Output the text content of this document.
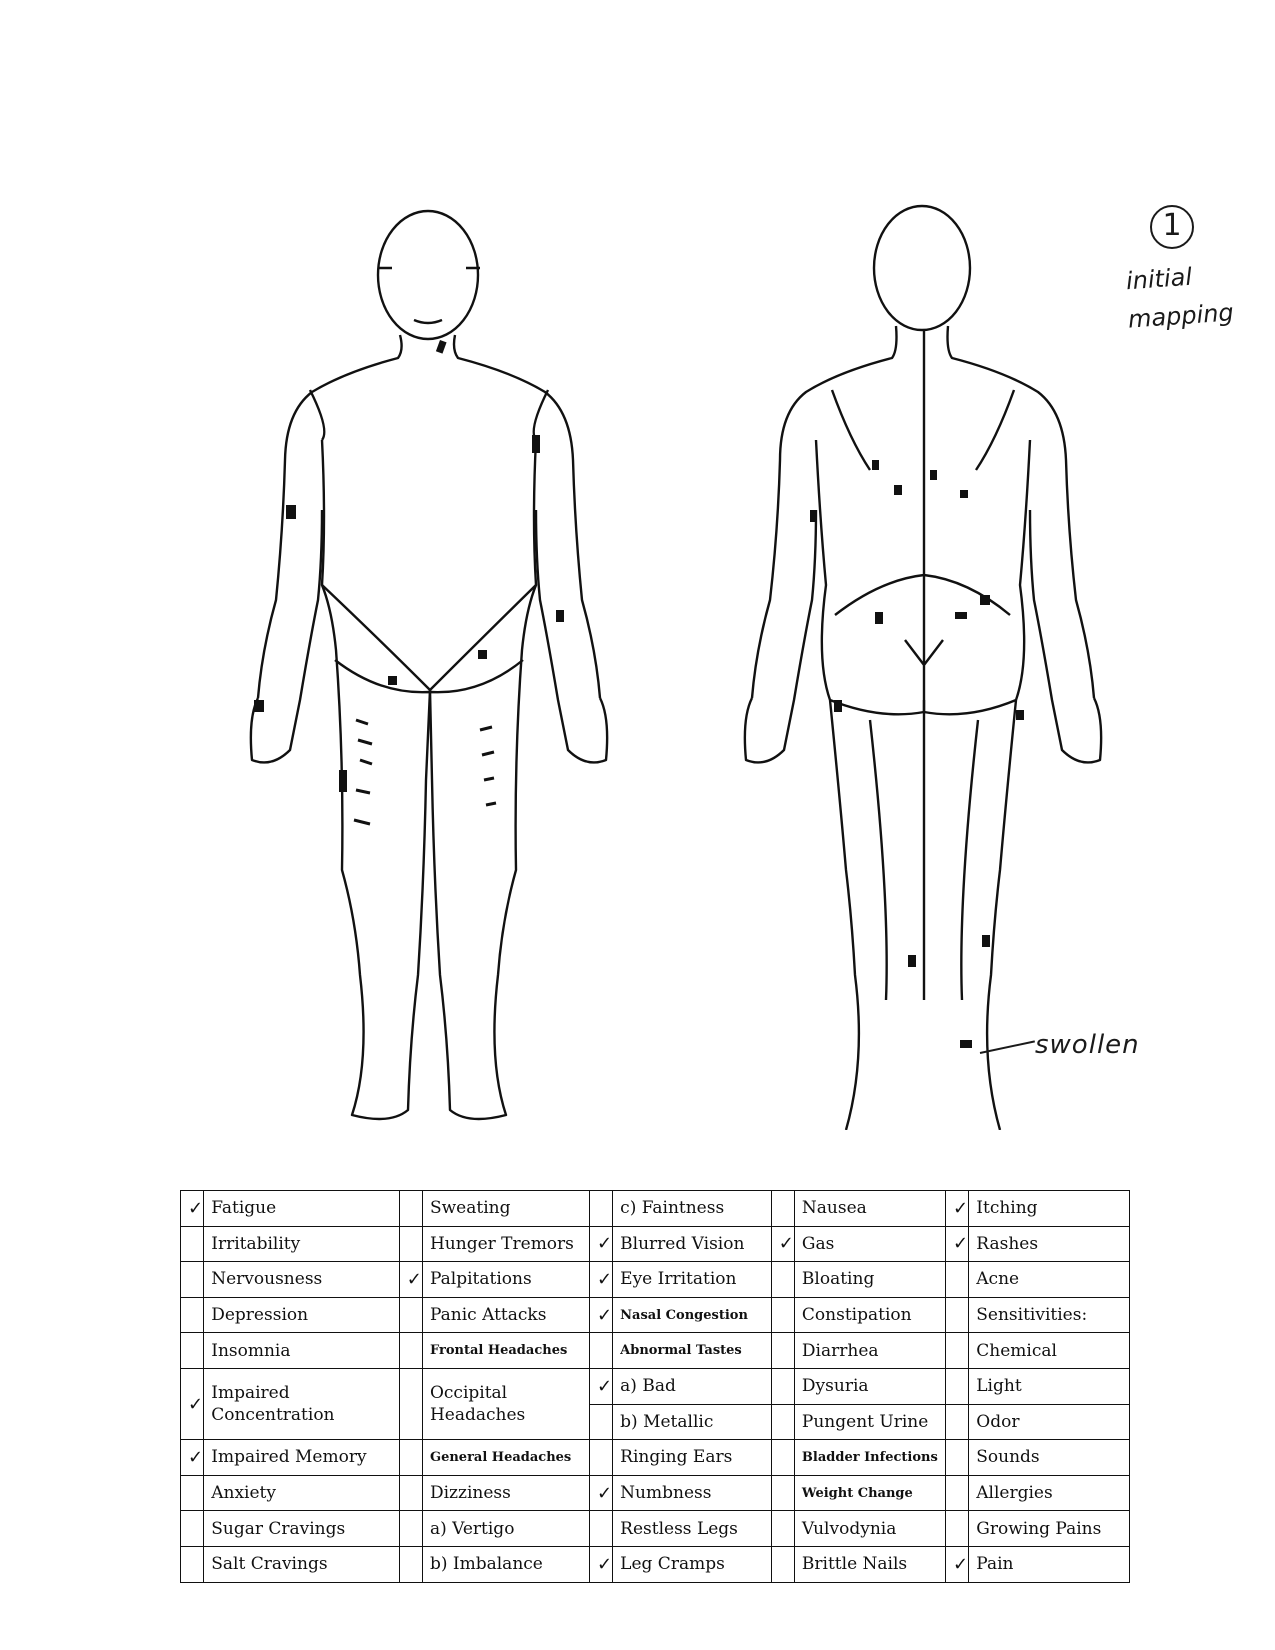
1
initial
mapping
swollen
✓	Fatigue		Sweating		c) Faintness		Nausea	✓	Itching
	Irritability		Hunger Tremors	✓	Blurred Vision	✓	Gas	✓	Rashes
	Nervousness	✓	Palpitations	✓	Eye Irritation		Bloating		Acne
	Depression		Panic Attacks	✓	Nasal Congestion		Constipation		Sensitivities:
	Insomnia		Frontal Headaches		Abnormal Tastes		Diarrhea		Chemical
✓	Impaired Concentration		Occipital Headaches	✓	a) Bad		Dysuria		Light
					b) Metallic		Pungent Urine		Odor
✓	Impaired Memory		General Headaches		Ringing Ears		Bladder Infections		Sounds
	Anxiety		Dizziness	✓	Numbness		Weight Change		Allergies
	Sugar Cravings		a) Vertigo		Restless Legs		Vulvodynia		Growing Pains
	Salt Cravings		b) Imbalance	✓	Leg Cramps		Brittle Nails	✓	Pain
